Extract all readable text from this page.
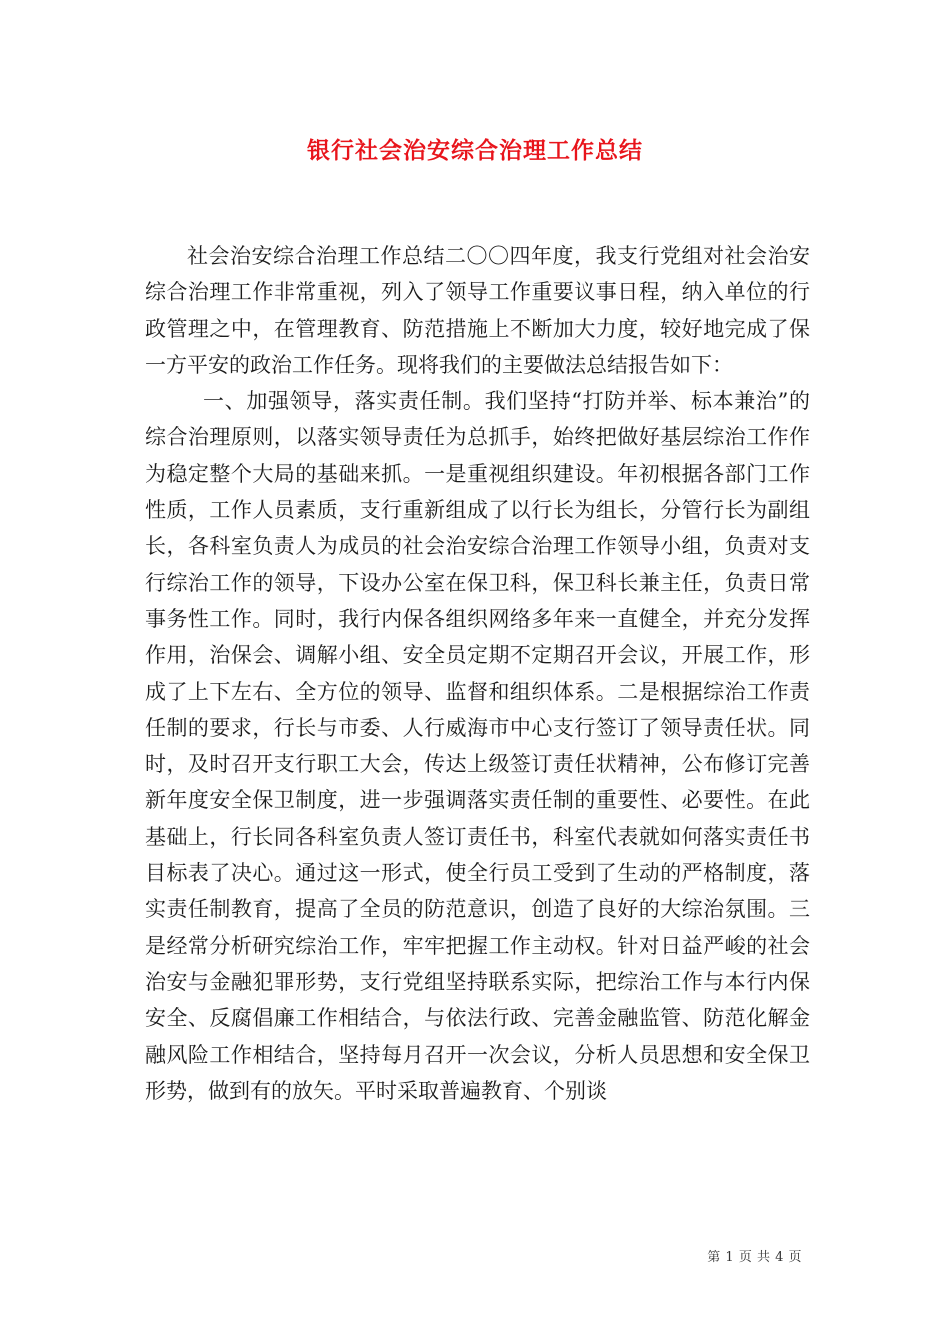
银行社会治安综合治理工作总结

社会治安综合治理工作总结二〇〇四年度，我支行党组对社会治安综合治理工作非常重视，列入了领导工作重要议事日程，纳入单位的行政管理之中，在管理教育、防范措施上不断加大力度，较好地完成了保一方平安的政治工作任务。现将我们的主要做法总结报告如下：

一、加强领导，落实责任制。我们坚持“打防并举、标本兼治”的综合治理原则，以落实领导责任为总抓手，始终把做好基层综治工作作为稳定整个大局的基础来抓。一是重视组织建设。年初根据各部门工作性质，工作人员素质，支行重新组成了以行长为组长，分管行长为副组长，各科室负责人为成员的社会治安综合治理工作领导小组，负责对支行综治工作的领导，下设办公室在保卫科，保卫科长兼主任，负责日常事务性工作。同时，我行内保各组织网络多年来一直健全，并充分发挥作用，治保会、调解小组、安全员定期不定期召开会议，开展工作，形成了上下左右、全方位的领导、监督和组织体系。二是根据综治工作责任制的要求，行长与市委、人行威海市中心支行签订了领导责任状。同时，及时召开支行职工大会，传达上级签订责任状精神，公布修订完善新年度安全保卫制度，进一步强调落实责任制的重要性、必要性。在此基础上，行长同各科室负责人签订责任书，科室代表就如何落实责任书目标表了决心。通过这一形式，使全行员工受到了生动的严格制度，落实责任制教育，提高了全员的防范意识，创造了良好的大综治氛围。三是经常分析研究综治工作，牢牢把握工作主动权。针对日益严峻的社会治安与金融犯罪形势，支行党组坚持联系实际，把综治工作与本行内保安全、反腐倡廉工作相结合，与依法行政、完善金融监管、防范化解金融风险工作相结合，坚持每月召开一次会议，分析人员思想和安全保卫形势，做到有的放矢。平时采取普遍教育、个别谈

第 1 页 共 4 页
